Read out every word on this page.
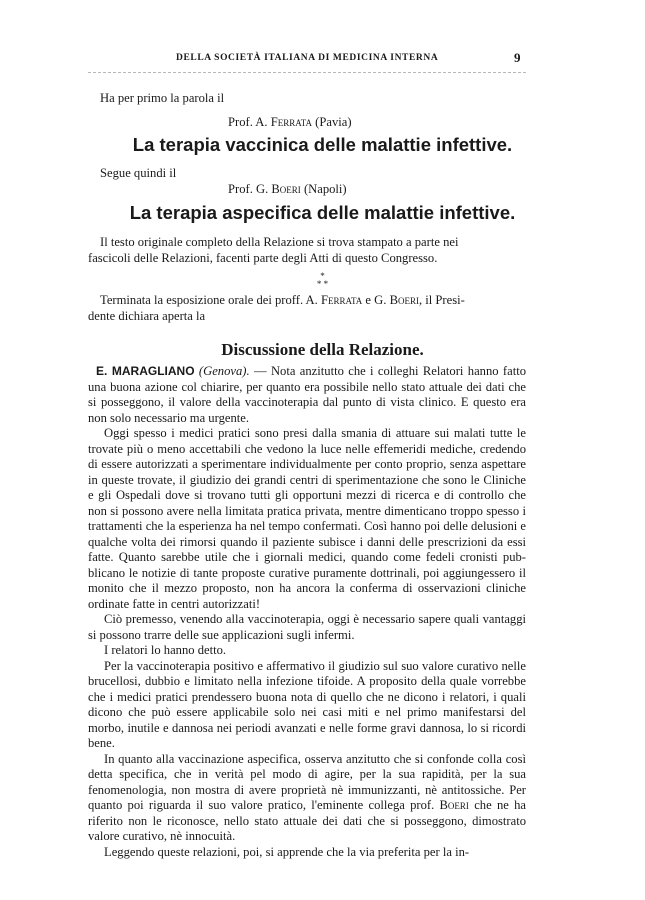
DELLA SOCIETÀ ITALIANA DI MEDICINA INTERNA	9
Ha per primo la parola il
Prof. A. Ferrata (Pavia)
La terapia vaccinica delle malattie infettive.
Segue quindi il
Prof. G. Boeri (Napoli)
La terapia aspecifica delle malattie infettive.
Il testo originale completo della Relazione si trova stampato a parte nei
fascicoli delle Relazioni, facenti parte degli Atti di questo Congresso.
*
* *
Terminata la esposizione orale dei proff. A. Ferrata e G. Boeri, il Presi-
dente dichiara aperta la
Discussione della Relazione.

E. MARAGLIANO (Genova). — Nota anzitutto che i colleghi Relatori hanno fatto una buona azione col chiarire, per quanto era possibile nello stato attuale dei dati che si posseggono, il valore della vaccinoterapia dal punto di vista clinico. E questo era non solo necessario ma urgente.

Oggi spesso i medici pratici sono presi dalla smania di attuare sui malati tutte le trovate più o meno accettabili che vedono la luce nelle effemeridi mediche, credendo di essere autorizzati a sperimentare individualmente per conto proprio, senza aspettare in queste trovate, il giudizio dei grandi centri di sperimentazione che sono le Cliniche e gli Ospedali dove si trovano tutti gli opportuni mezzi di ricerca e di controllo che non si possono avere nella limitata pratica privata, mentre dimenticano troppo spesso i trattamenti che la esperienza ha nel tempo confermati. Così hanno poi delle delusioni e qualche volta dei rimorsi quando il paziente subisce i danni delle prescrizioni da essi fatte. Quanto sarebbe utile che i giornali medici, quando come fedeli cronisti pubblicano le notizie di tante proposte curative puramente dottrinali, poi aggiungessero il monito che il mezzo proposto, non ha ancora la conferma di osservazioni cliniche ordinate fatte in centri autorizzati!

Ciò premesso, venendo alla vaccinoterapia, oggi è necessario sapere quali vantaggi si possono trarre delle sue applicazioni sugli infermi.

I relatori lo hanno detto.

Per la vaccinoterapia positivo e affermativo il giudizio sul suo valore curativo nelle brucellosi, dubbio e limitato nella infezione tifoide. A proposito della quale vorrebbe che i medici pratici prendessero buona nota di quello che ne dicono i relatori, i quali dicono che può essere applicabile solo nei casi miti e nel primo manifestarsi del morbo, inutile e dannosa nei periodi avanzati e nelle forme gravi dannosa, lo si ricordi bene.

In quanto alla vaccinazione aspecifica, osserva anzitutto che si confonde colla così detta specifica, che in verità pel modo di agire, per la sua rapidità, per la sua fenomenologia, non mostra di avere proprietà nè immunizzanti, nè antitossiche. Per quanto poi riguarda il suo valore pratico, l'eminente collega prof. Boeri che ne ha riferito non le riconosce, nello stato attuale dei dati che si posseggono, dimostrato valore curativo, nè innocuità.

Leggendo queste relazioni, poi, si apprende che la via preferita per la in-
